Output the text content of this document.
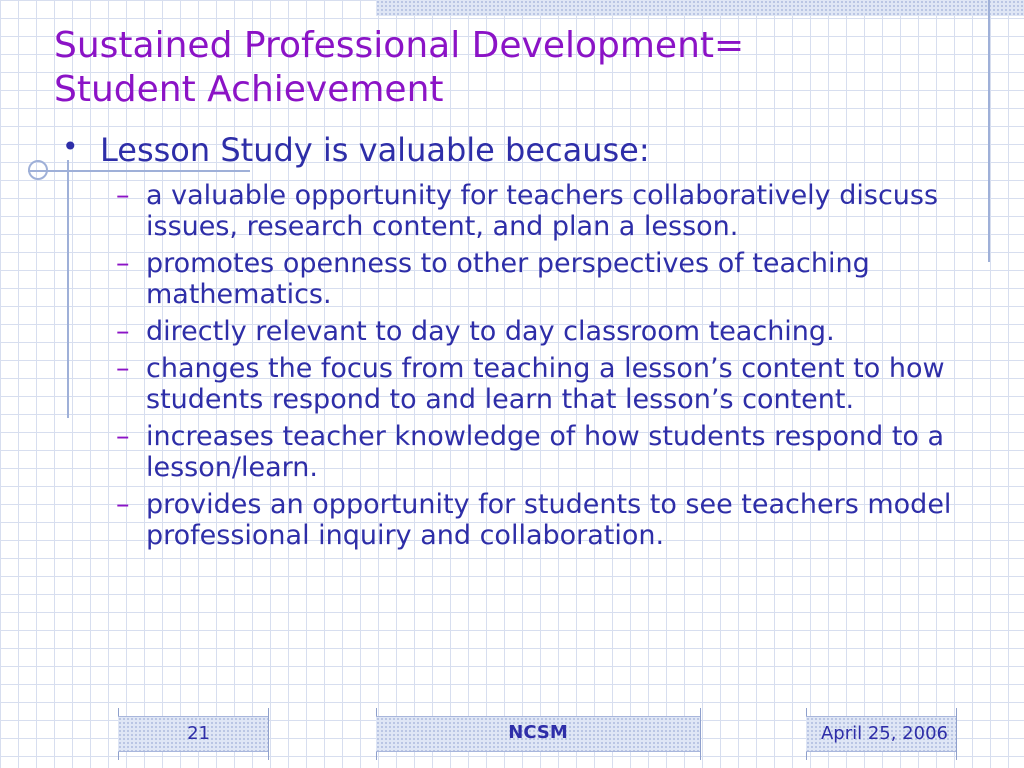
Sustained Professional Development=
Student Achievement
• Lesson Study is valuable because:
– a valuable opportunity for teachers collaboratively discuss issues, research content, and plan a lesson.
– promotes openness to other perspectives of teaching mathematics.
– directly relevant to day to day classroom teaching.
– changes the focus from teaching a lesson’s content to how students respond to and learn that lesson’s content.
– increases teacher knowledge of how students respond to a lesson/learn.
– provides an opportunity for students to see teachers model professional inquiry and collaboration.
21	NCSM	April 25, 2006
